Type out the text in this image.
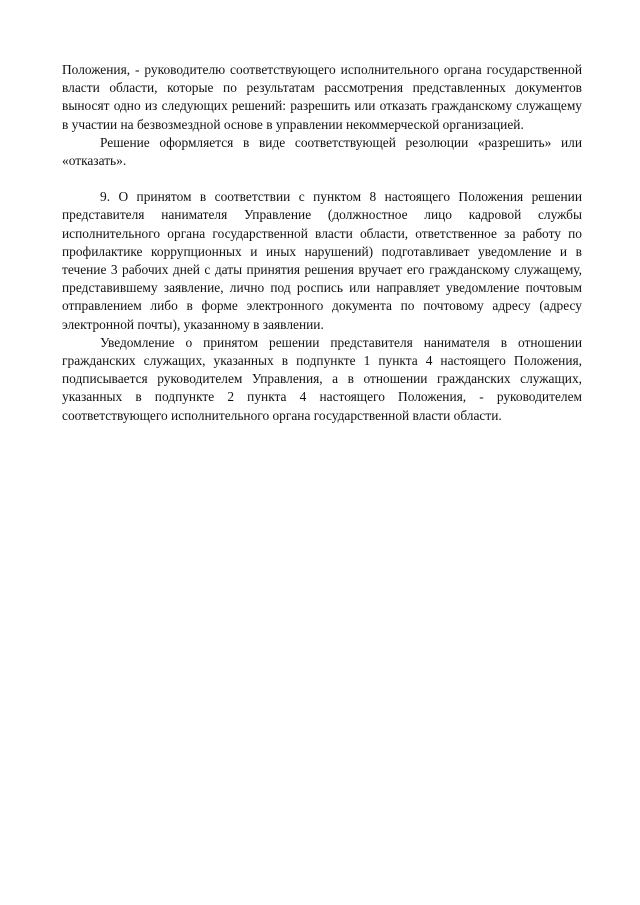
Положения, - руководителю соответствующего исполнительного органа государственной власти области, которые по результатам рассмотрения представленных документов выносят одно из следующих решений: разрешить или отказать гражданскому служащему в участии на безвозмездной основе в управлении некоммерческой организацией.

Решение оформляется в виде соответствующей резолюции «разрешить» или «отказать».

9. О принятом в соответствии с пунктом 8 настоящего Положения решении представителя нанимателя Управление (должностное лицо кадровой службы исполнительного органа государственной власти области, ответственное за работу по профилактике коррупционных и иных нарушений) подготавливает уведомление и в течение 3 рабочих дней с даты принятия решения вручает его гражданскому служащему, представившему заявление, лично под роспись или направляет уведомление почтовым отправлением либо в форме электронного документа по почтовому адресу (адресу электронной почты), указанному в заявлении.

Уведомление о принятом решении представителя нанимателя в отношении гражданских служащих, указанных в подпункте 1 пункта 4 настоящего Положения, подписывается руководителем Управления, а в отношении гражданских служащих, указанных в подпункте 2 пункта 4 настоящего Положения, - руководителем соответствующего исполнительного органа государственной власти области.
